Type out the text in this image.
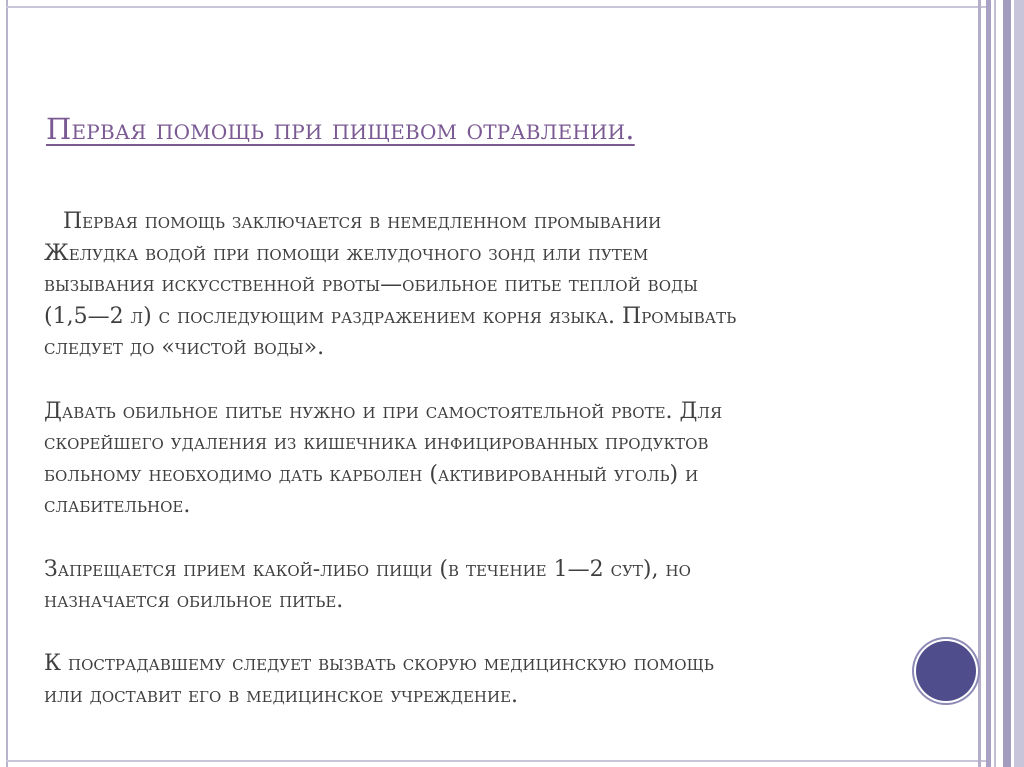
Первая помощь при пищевом отравлении.

Первая помощь заключается в немедленном промывании
Желудка водой при помощи желудочного зонд или путем
вызывания искусственной рвоты—обильное питье теплой воды
(1,5—2 л) с последующим раздражением корня языка. Промывать
следует до «чистой воды».

Давать обильное питье нужно и при самостоятельной рвоте. Для
скорейшего удаления из кишечника инфицированных продуктов
больному необходимо дать карболен (активированный уголь) и
слабительное.

Запрещается прием какой-либо пищи (в течение 1—2 сут), но
назначается обильное питье.

К пострадавшему следует вызвать скорую медицинскую помощь
или доставит его в медицинское учреждение.
